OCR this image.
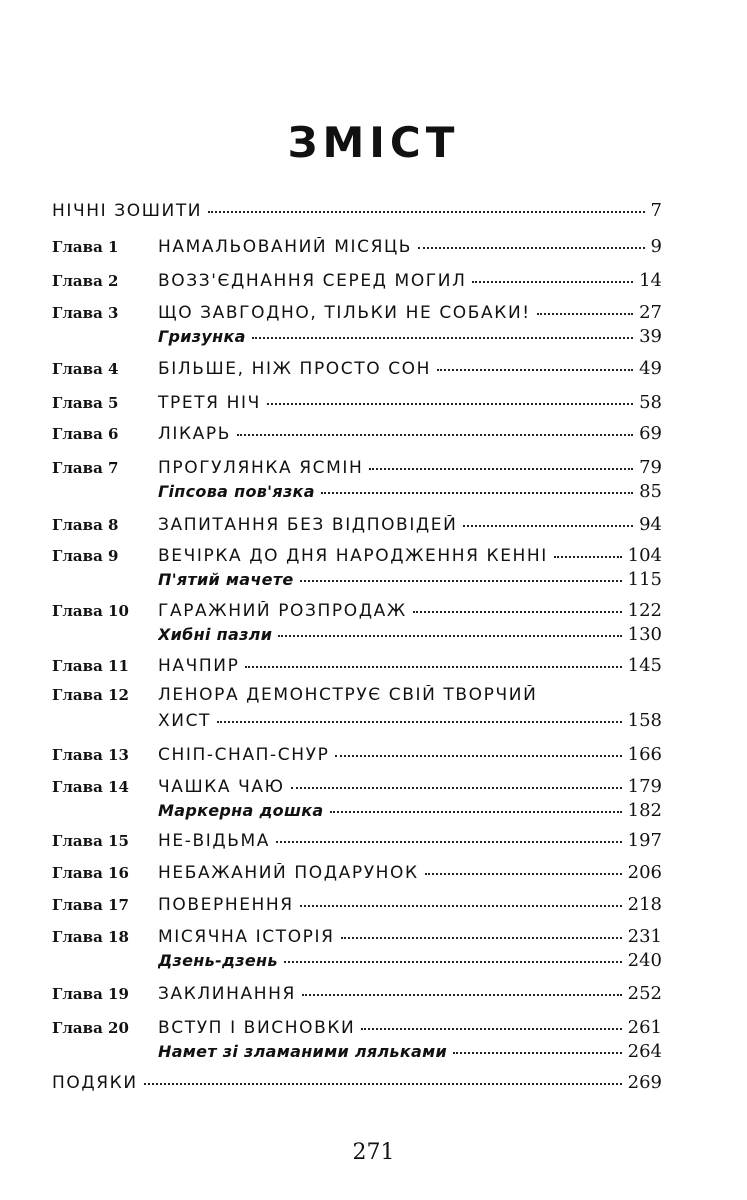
ЗМІСТ
НІЧНІ ЗОШИТИ	7
Глава 1	НАМАЛЬОВАНИЙ МІСЯЦЬ	9
Глава 2	ВОЗЗ'ЄДНАННЯ СЕРЕД МОГИЛ	14
Глава 3	ЩО ЗАВГОДНО, ТІЛЬКИ НЕ СОБАКИ!	27
Гризунка	39
Глава 4	БІЛЬШЕ, НІЖ ПРОСТО СОН	49
Глава 5	ТРЕТЯ НІЧ	58
Глава 6	ЛІКАРЬ	69
Глава 7	ПРОГУЛЯНКА ЯСМІН	79
Гіпсова пов'язка	85
Глава 8	ЗАПИТАННЯ БЕЗ ВІДПОВІДЕЙ	94
Глава 9	ВЕЧІРКА ДО ДНЯ НАРОДЖЕННЯ КЕННІ	104
П'ятий мачете	115
Глава 10	ГАРАЖНИЙ РОЗПРОДАЖ	122
Хибні пазли	130
Глава 11	НАЧПИР	145
Глава 12	ЛЕНОРА ДЕМОНСТРУЄ СВІЙ ТВОРЧИЙ
ХИСТ	158
Глава 13	СНІП-СНАП-СНУР	166
Глава 14	ЧАШКА ЧАЮ	179
Маркерна дошка	182
Глава 15	НЕ-ВІДЬМА	197
Глава 16	НЕБАЖАНИЙ ПОДАРУНОК	206
Глава 17	ПОВЕРНЕННЯ	218
Глава 18	МІСЯЧНА ІСТОРІЯ	231
Дзень-дзень	240
Глава 19	ЗАКЛИНАННЯ	252
Глава 20	ВСТУП І ВИСНОВКИ	261
Намет зі зламаними ляльками	264
ПОДЯКИ	269
271
